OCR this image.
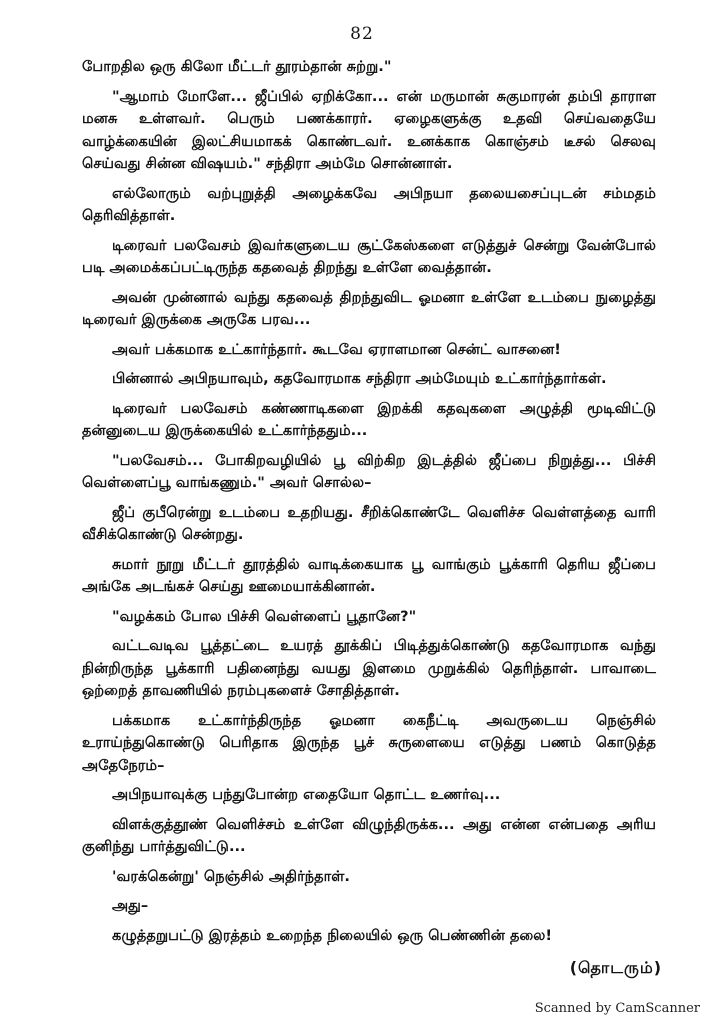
82

போறதில ஒரு கிலோ மீட்டர் தூரம்தான் சுற்று."

"ஆமாம் மோளே... ஜீப்பில் ஏறிக்கோ... என் மருமான் சுகுமாரன் தம்பி தாராள மனசு உள்ளவர். பெரும் பணக்காரர். ஏழைகளுக்கு உதவி செய்வதையே வாழ்க்கையின் இலட்சியமாகக் கொண்டவர். உனக்காக கொஞ்சம் டீசல் செலவு செய்வது சின்ன விஷயம்." சந்திரா அம்மே சொன்னாள்.

எல்லோரும் வற்புறுத்தி அழைக்கவே அபிநயா தலையசைப்புடன் சம்மதம் தெரிவித்தாள்.

டிரைவர் பலவேசம் இவர்களுடைய சூட்கேஸ்களை எடுத்துச் சென்று வேன்போல் படி அமைக்கப்பட்டிருந்த கதவைத் திறந்து உள்ளே வைத்தான்.

அவன் முன்னால் வந்து கதவைத் திறந்துவிட ஓமனா உள்ளே உடம்பை நுழைத்து டிரைவர் இருக்கை அருகே பரவ...

அவர் பக்கமாக உட்கார்ந்தார். கூடவே ஏராளமான சென்ட் வாசனை!

பின்னால் அபிநயாவும், கதவோரமாக சந்திரா அம்மேயும் உட்கார்ந்தார்கள்.

டிரைவர் பலவேசம் கண்ணாடிகளை இறக்கி கதவுகளை அழுத்தி மூடிவிட்டு தன்னுடைய இருக்கையில் உட்கார்ந்ததும்...

"பலவேசம்... போகிறவழியில் பூ விற்கிற இடத்தில் ஜீப்பை நிறுத்து... பிச்சி வெள்ளைப்பூ வாங்கணும்." அவர் சொல்ல–

ஜீப் குபீரென்று உடம்பை உதறியது. சீறிக்கொண்டே வெளிச்ச வெள்ளத்தை வாரி வீசிக்கொண்டு சென்றது.

சுமார் நூறு மீட்டர் தூரத்தில் வாடிக்கையாக பூ வாங்கும் பூக்காரி தெரிய ஜீப்பை அங்கே அடங்கச் செய்து ஊமையாக்கினான்.

"வழக்கம் போல பிச்சி வெள்ளைப் பூதானே?"

வட்டவடிவ பூத்தட்டை உயரத் தூக்கிப் பிடித்துக்கொண்டு கதவோரமாக வந்து நின்றிருந்த பூக்காரி பதினைந்து வயது இளமை முறுக்கில் தெரிந்தாள். பாவாடை ஒற்றைத் தாவணியில் நரம்புகளைச் சோதித்தாள்.

பக்கமாக உட்கார்ந்திருந்த ஓமனா கைநீட்டி அவருடைய நெஞ்சில் உராய்ந்துகொண்டு பெரிதாக இருந்த பூச் சுருளையை எடுத்து பணம் கொடுத்த அதேநேரம்–

அபிநயாவுக்கு பந்துபோன்ற எதையோ தொட்ட உணர்வு...

விளக்குத்தூண் வெளிச்சம் உள்ளே விழுந்திருக்க... அது என்ன என்பதை அரிய குனிந்து பார்த்துவிட்டு...

'வரக்கென்று' நெஞ்சில் அதிர்ந்தாள்.

அது–

கழுத்தறுபட்டு இரத்தம் உறைந்த நிலையில் ஒரு பெண்ணின் தலை!

(தொடரும்)
Scanned by CamScanner
